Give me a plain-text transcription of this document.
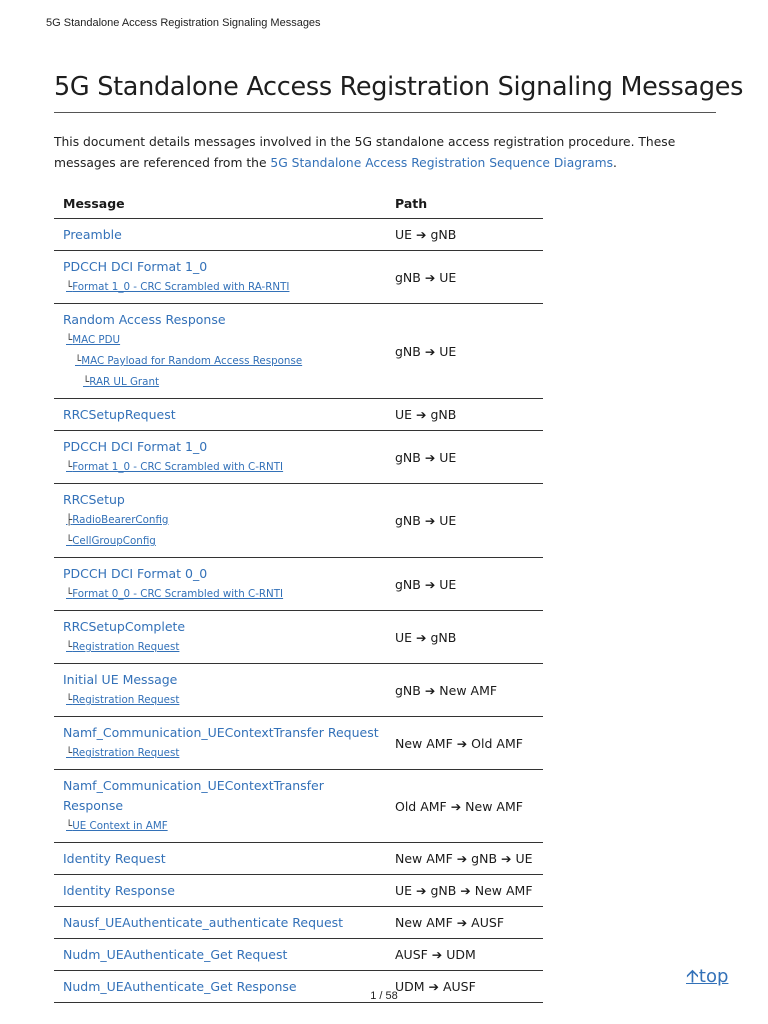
5G Standalone Access Registration Signaling Messages
5G Standalone Access Registration Signaling Messages

This document details messages involved in the 5G standalone access registration procedure. These messages are referenced from the 5G Standalone Access Registration Sequence Diagrams.

Message	Path

Preamble	UE ➔ gNB

PDCCH DCI Format 1_0
└Format 1_0 - CRC Scrambled with RA-RNTI	gNB ➔ UE

Random Access Response
└MAC PDU
└MAC Payload for Random Access Response
└RAR UL Grant	gNB ➔ UE

RRCSetupRequest	UE ➔ gNB

PDCCH DCI Format 1_0
└Format 1_0 - CRC Scrambled with C-RNTI	gNB ➔ UE

RRCSetup
├RadioBearerConfig
└CellGroupConfig	gNB ➔ UE

PDCCH DCI Format 0_0
└Format 0_0 - CRC Scrambled with C-RNTI	gNB ➔ UE

RRCSetupComplete
└Registration Request	UE ➔ gNB

Initial UE Message
└Registration Request	gNB ➔ New AMF

Namf_Communication_UEContextTransfer Request
└Registration Request	New AMF ➔ Old AMF

Namf_Communication_UEContextTransfer Response
└UE Context in AMF	Old AMF ➔ New AMF

Identity Request	New AMF ➔ gNB ➔ UE

Identity Response	UE ➔ gNB ➔ New AMF

Nausf_UEAuthenticate_authenticate Request	New AMF ➔ AUSF

Nudm_UEAuthenticate_Get Request	AUSF ➔ UDM

Nudm_UEAuthenticate_Get Response	UDM ➔ AUSF	🡩top
1 / 58
